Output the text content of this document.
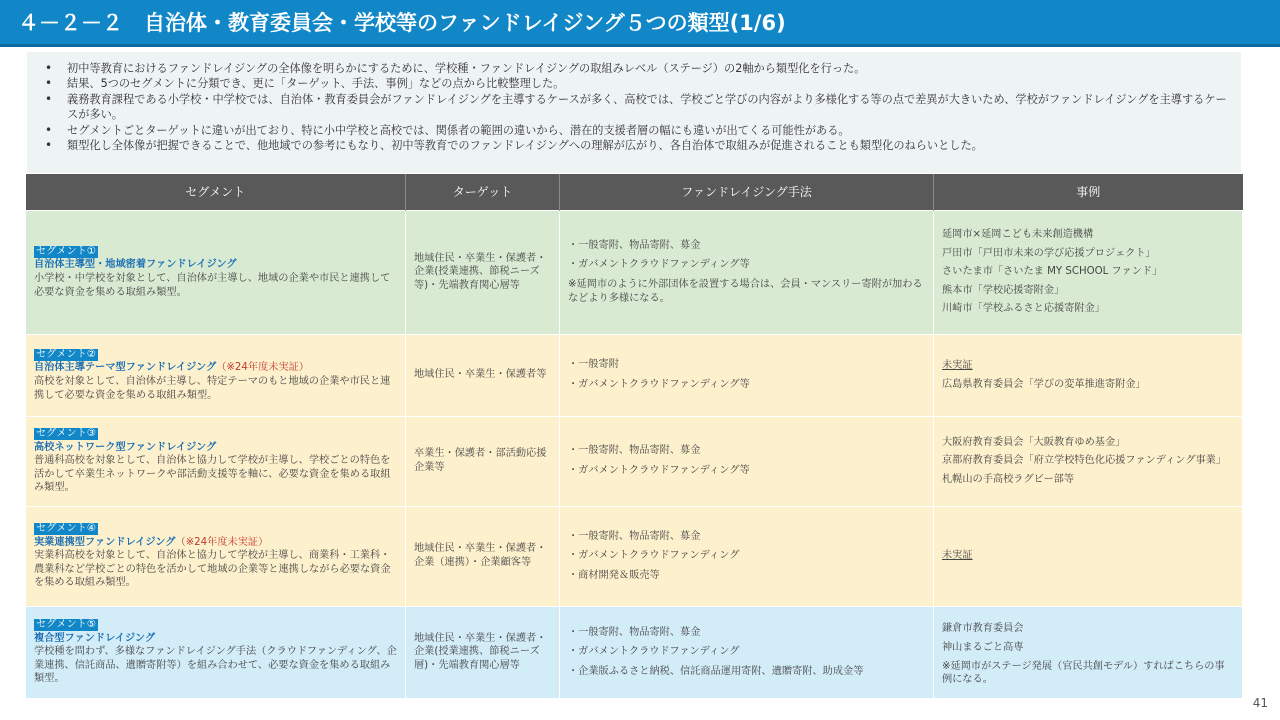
４－２－２　自治体・教育委員会・学校等のファンドレイジング５つの類型(1/6)
• 初中等教育におけるファンドレイジングの全体像を明らかにするために、学校種・ファンドレイジングの取組みレベル（ステージ）の2軸から類型化を行った。
• 結果、5つのセグメントに分類でき、更に「ターゲット、手法、事例」などの点から比較整理した。
• 義務教育課程である小学校・中学校では、自治体・教育委員会がファンドレイジングを主導するケースが多く、高校では、学校ごと学びの内容がより多様化する等の点で差異が大きいため、学校がファンドレイジングを主導するケースが多い。
• セグメントごとターゲットに違いが出ており、特に小中学校と高校では、関係者の範囲の違いから、潜在的支援者層の幅にも違いが出てくる可能性がある。
• 類型化し全体像が把握できることで、他地域での参考にもなり、初中等教育でのファンドレイジングへの理解が広がり、各自治体で取組みが促進されることも類型化のねらいとした。
セグメント	ターゲット	ファンドレイジング手法	事例
セグメント①
自治体主導型・地域密着ファンドレイジング
小学校・中学校を対象として、自治体が主導し、地域の企業や市民と連携して必要な資金を集める取組み類型。	地域住民・卒業生・保護者・企業(授業連携、節税ニーズ等)・先端教育関心層等	・一般寄附、物品寄附、募金
・ガバメントクラウドファンディング等
※延岡市のように外部団体を設置する場合は、会員・マンスリー寄附が加わるなどより多様になる。	延岡市×延岡こども未来創造機構
戸田市「戸田市未来の学び応援プロジェクト」
さいたま市「さいたま MY SCHOOL ファンド」
熊本市「学校応援寄附金」
川崎市「学校ふるさと応援寄附金」

セグメント②
自治体主導テーマ型ファンドレイジング（※24年度未実証）
高校を対象として、自治体が主導し、特定テーマのもと地域の企業や市民と連携して必要な資金を集める取組み類型。	地域住民・卒業生・保護者等	・一般寄附
・ガバメントクラウドファンディング等	未実証
広島県教育委員会「学びの変革推進寄附金」

セグメント③
高校ネットワーク型ファンドレイジング
普通科高校を対象として、自治体と協力して学校が主導し、学校ごとの特色を活かして卒業生ネットワークや部活動支援等を軸に、必要な資金を集める取組み類型。	卒業生・保護者・部活動応援企業等	・一般寄附、物品寄附、募金
・ガバメントクラウドファンディング等	大阪府教育委員会「大阪教育ゆめ基金」
京都府教育委員会「府立学校特色化応援ファンディング事業」
札幌山の手高校ラグビー部等

セグメント④
実業連携型ファンドレイジング（※24年度未実証）
実業科高校を対象として、自治体と協力して学校が主導し、商業科・工業科・農業科など学校ごとの特色を活かして地域の企業等と連携しながら必要な資金を集める取組み類型。	地域住民・卒業生・保護者・企業（連携）・企業顧客等	・一般寄附、物品寄附、募金
・ガバメントクラウドファンディング
・商材開発＆販売等	未実証

セグメント⑤
複合型ファンドレイジング
学校種を問わず、多様なファンドレイジング手法（クラウドファンディング、企業連携、信託商品、遺贈寄附等）を組み合わせて、必要な資金を集める取組み類型。	地域住民・卒業生・保護者・企業(授業連携、節税ニーズ層)・先端教育関心層等	・一般寄附、物品寄附、募金
・ガバメントクラウドファンディング
・企業版ふるさと納税、信託商品運用寄附、遺贈寄附、助成金等	鎌倉市教育委員会
神山まるごと高専
※延岡市がステージ発展（官民共創モデル）すればこちらの事例になる。
41
